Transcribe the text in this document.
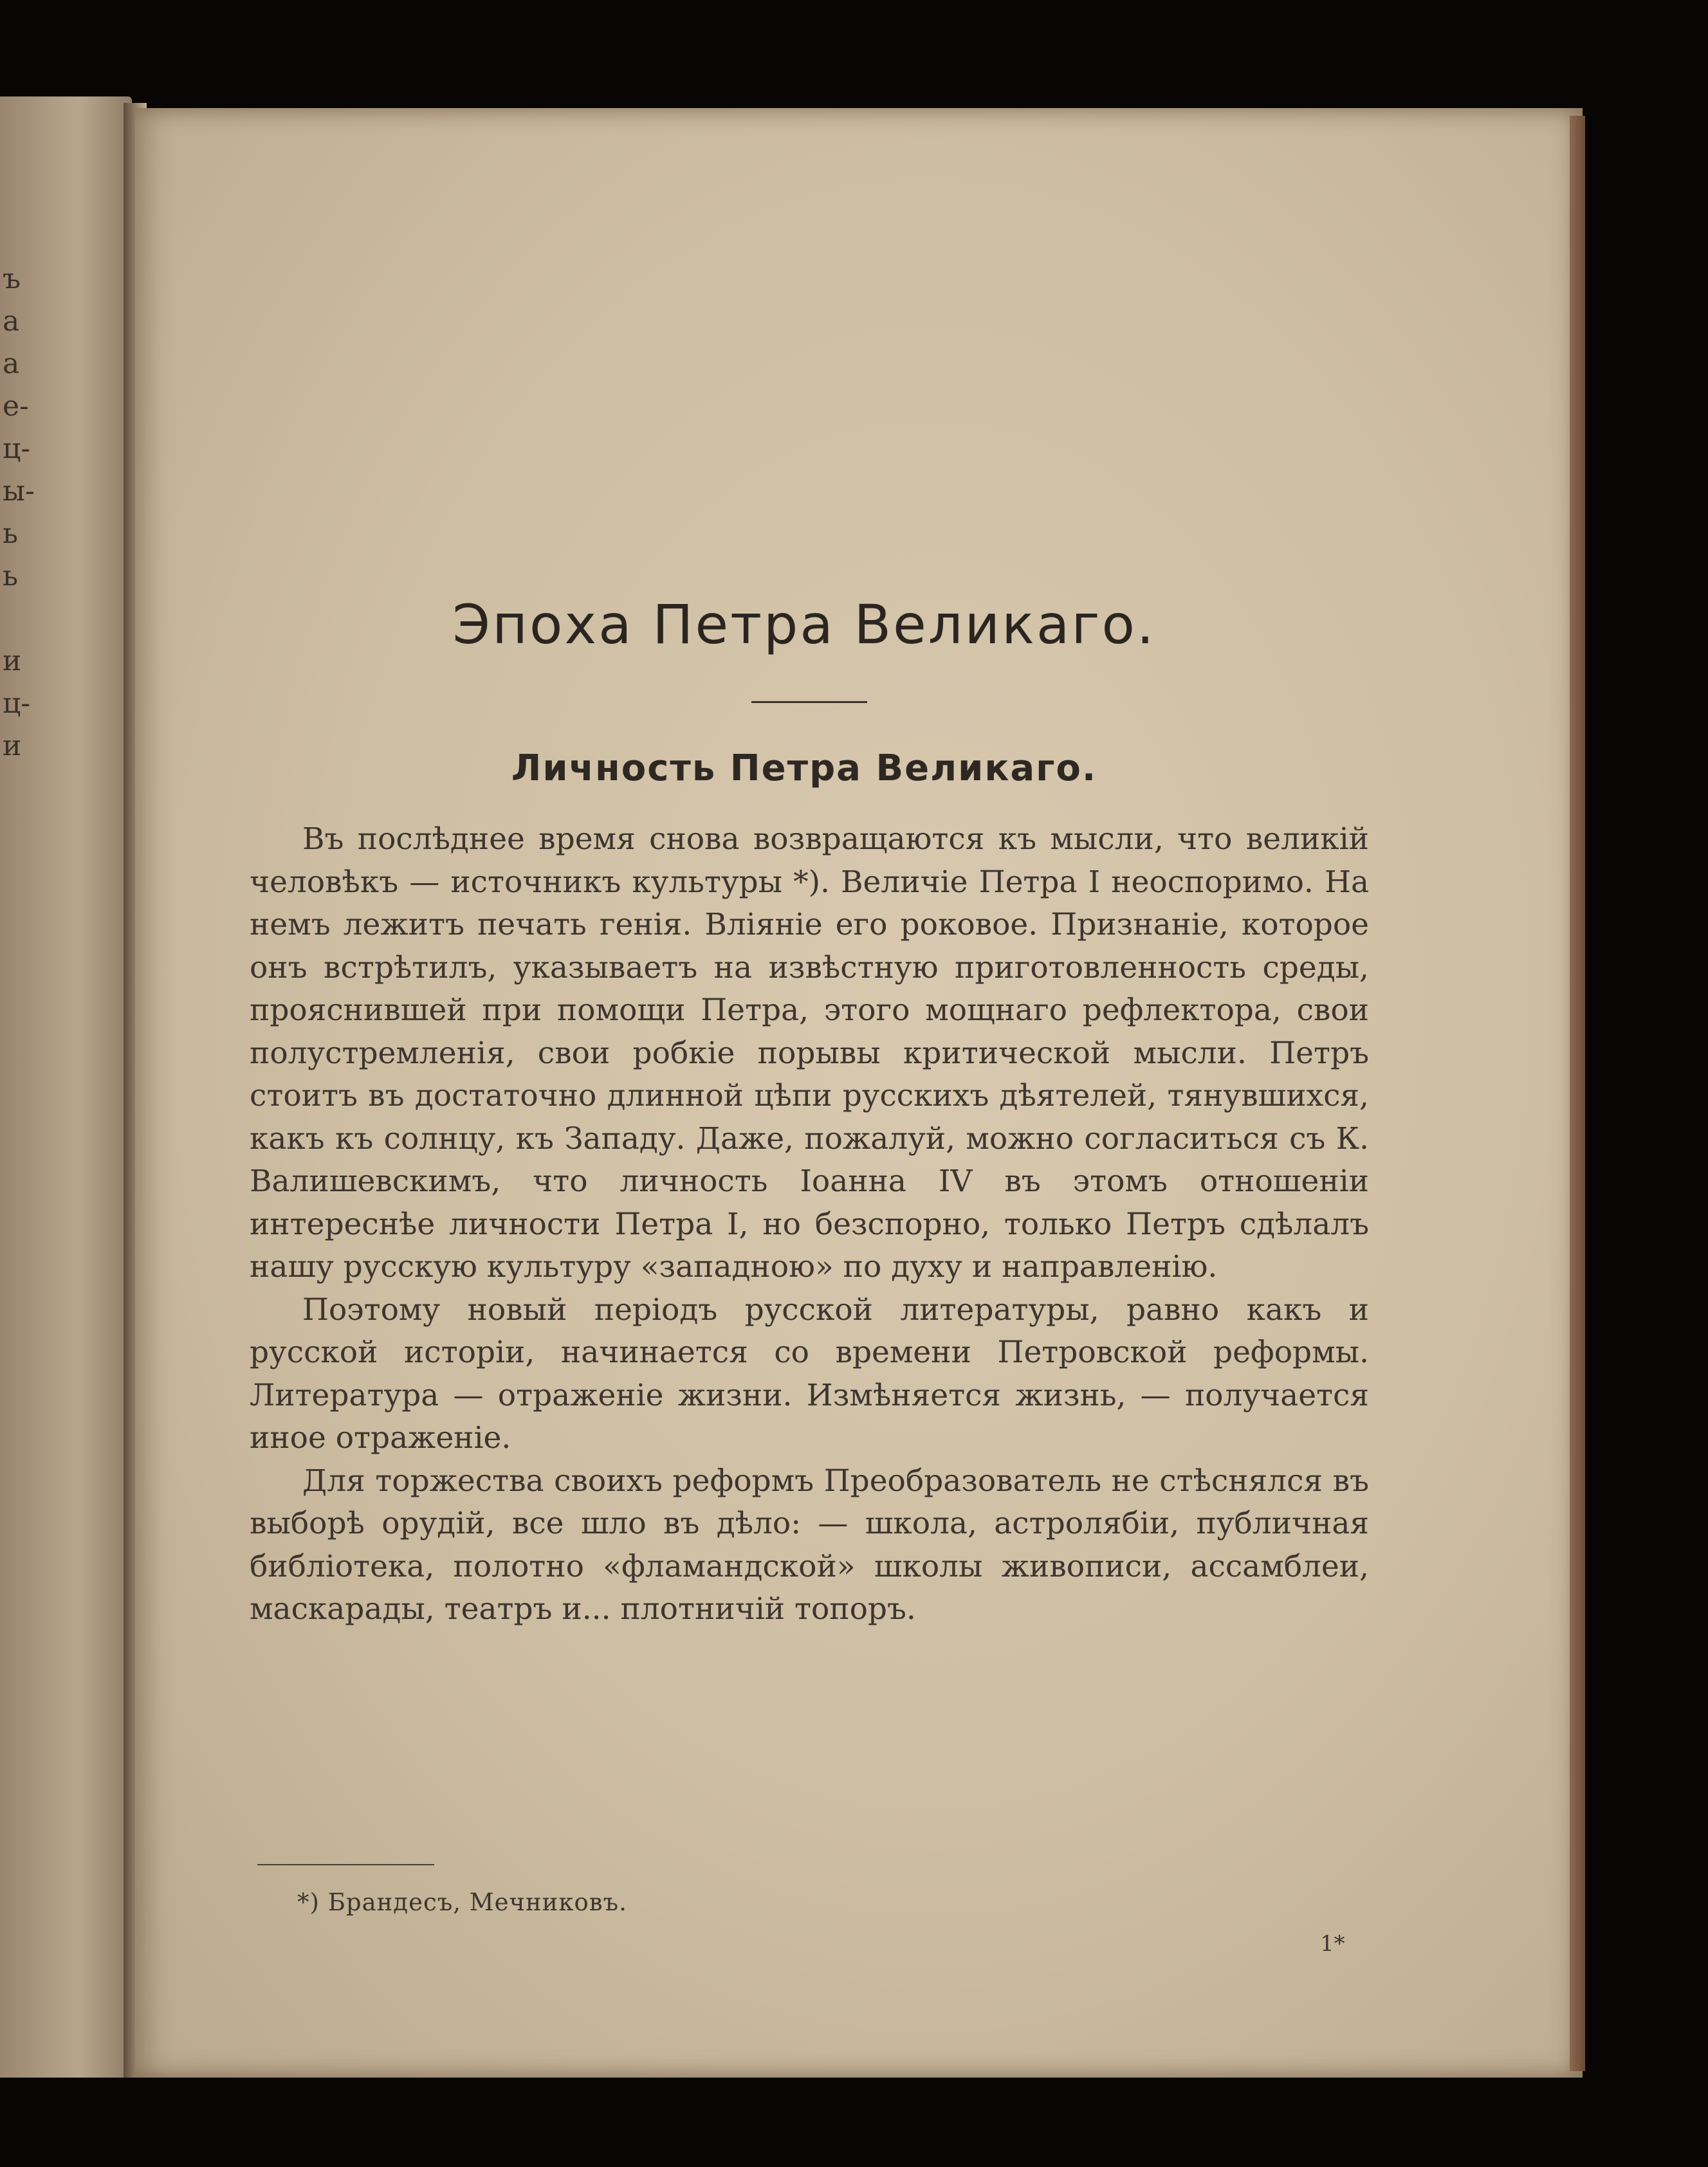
ъ
а
а
е-
ц-
ы-
ь
ь
и
ц-
и
Эпоха Петра Великаго.
Личность Петра Великаго.

Въ послѣднее время снова возвращаются къ мысли, что великій человѣкъ — источникъ культуры *). Величіе Петра I неоспоримо. На немъ лежитъ печать генія. Вліяніе его роковое. Признаніе, которое онъ встрѣтилъ, указываетъ на извѣстную приготовленность среды, прояснившей при помощи Петра, этого мощнаго рефлектора, свои полустремленія, свои робкіе порывы критической мысли. Петръ стоитъ въ достаточно длинной цѣпи русскихъ дѣятелей, тянувшихся, какъ къ солнцу, къ Западу. Даже, пожалуй, можно согласиться съ К. Валишевскимъ, что личность Іоанна IV въ этомъ отношеніи интереснѣе личности Петра I, но безспорно, только Петръ сдѣлалъ нашу русскую культуру «западною» по духу и направленію.

Поэтому новый періодъ русской литературы, равно какъ и русской исторіи, начинается со времени Петровской реформы. Литература — отраженіе жизни. Измѣняется жизнь, — получается иное отраженіе.

Для торжества своихъ реформъ Преобразователь не стѣснялся въ выборѣ орудій, все шло въ дѣло: — школа, астролябіи, публичная библіотека, полотно «фламандской» школы живописи, ассамблеи, маскарады, театръ и... плотничій топоръ.

*) Брандесъ, Мечниковъ.
1*
